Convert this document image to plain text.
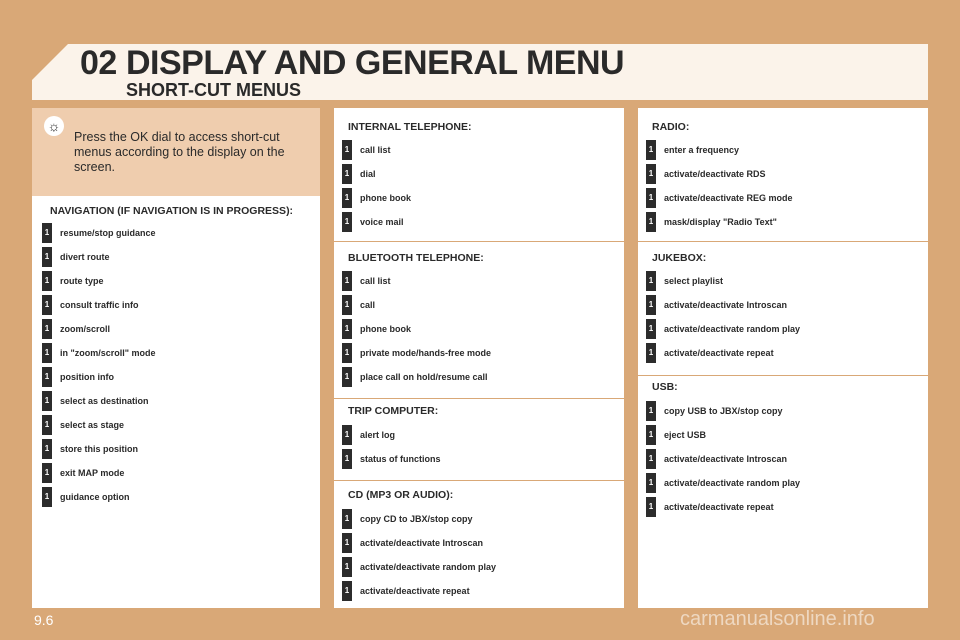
02 DISPLAY AND GENERAL MENU
SHORT-CUT MENUS
☼
Press the OK dial to access short-cut menus according to the display on the screen.
NAVIGATION (IF NAVIGATION IS IN PROGRESS):
1	resume/stop guidance
1	divert route
1	route type
1	consult traffic info
1	zoom/scroll
1	in "zoom/scroll" mode
1	position info
1	select as destination
1	select as stage
1	store this position
1	exit MAP mode
1	guidance option
INTERNAL TELEPHONE:
1	call list
1	dial
1	phone book
1	voice mail
BLUETOOTH TELEPHONE:
1	call list
1	call
1	phone book
1	private mode/hands-free mode
1	place call on hold/resume call
TRIP COMPUTER:
1	alert log
1	status of functions
CD (MP3 OR AUDIO):
1	copy CD to JBX/stop copy
1	activate/deactivate Introscan
1	activate/deactivate random play
1	activate/deactivate repeat
RADIO:
1	enter a frequency
1	activate/deactivate RDS
1	activate/deactivate REG mode
1	mask/display "Radio Text"
JUKEBOX:
1	select playlist
1	activate/deactivate Introscan
1	activate/deactivate random play
1	activate/deactivate repeat
USB:
1	copy USB to JBX/stop copy
1	eject USB
1	activate/deactivate Introscan
1	activate/deactivate random play
1	activate/deactivate repeat
9.6	carmanualsonline.info
